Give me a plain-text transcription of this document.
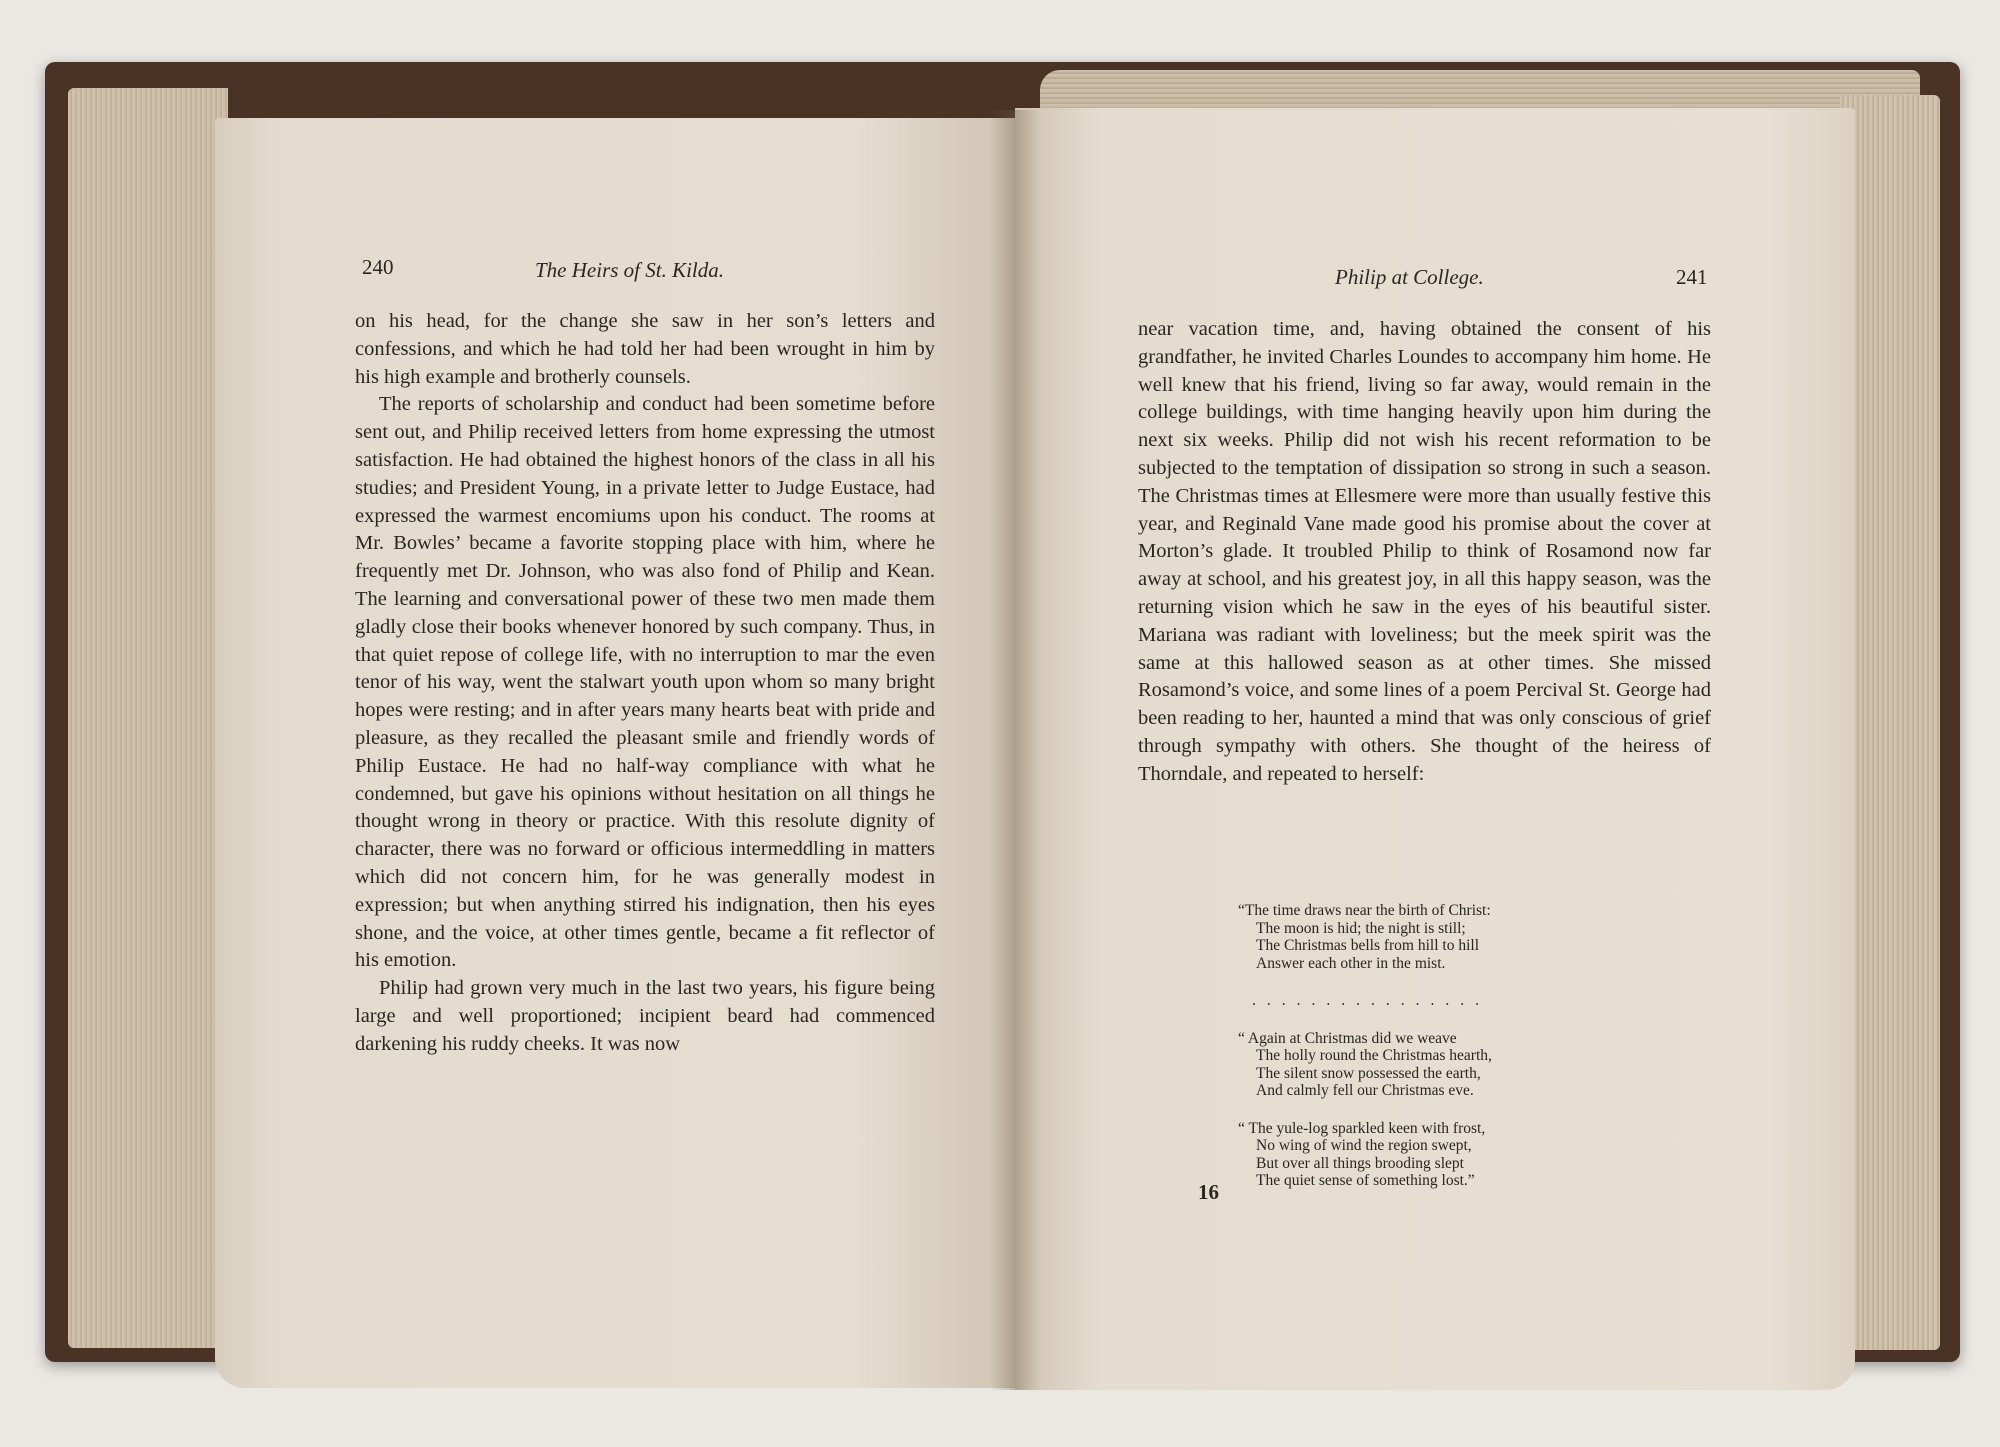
240	The Heirs of St. Kilda.

on his head, for the change she saw in her son’s letters and confessions, and which he had told her had been wrought in him by his high example and brotherly counsels.

The reports of scholarship and conduct had been sometime before sent out, and Philip received letters from home expressing the utmost satisfaction. He had obtained the highest honors of the class in all his studies; and President Young, in a private letter to Judge Eustace, had expressed the warmest encomiums upon his conduct. The rooms at Mr. Bowles’ became a favorite stopping place with him, where he frequently met Dr. Johnson, who was also fond of Philip and Kean. The learning and conversational power of these two men made them gladly close their books whenever honored by such company. Thus, in that quiet repose of college life, with no interruption to mar the even tenor of his way, went the stalwart youth upon whom so many bright hopes were resting; and in after years many hearts beat with pride and pleasure, as they recalled the pleasant smile and friendly words of Philip Eustace. He had no half-way compliance with what he condemned, but gave his opinions without hesitation on all things he thought wrong in theory or practice. With this resolute dignity of character, there was no forward or officious intermeddling in matters which did not concern him, for he was generally modest in expression; but when anything stirred his indignation, then his eyes shone, and the voice, at other times gentle, became a fit reflector of his emotion.

Philip had grown very much in the last two years, his figure being large and well proportioned; incipient beard had commenced darkening his ruddy cheeks. It was now

Philip at College.	241

near vacation time, and, having obtained the consent of his grandfather, he invited Charles Loundes to accompany him home. He well knew that his friend, living so far away, would remain in the college buildings, with time hanging heavily upon him during the next six weeks. Philip did not wish his recent reformation to be subjected to the temptation of dissipation so strong in such a season. The Christmas times at Ellesmere were more than usually festive this year, and Reginald Vane made good his promise about the cover at Morton’s glade. It troubled Philip to think of Rosamond now far away at school, and his greatest joy, in all this happy season, was the returning vision which he saw in the eyes of his beautiful sister. Mariana was radiant with loveliness; but the meek spirit was the same at this hallowed season as at other times. She missed Rosamond’s voice, and some lines of a poem Percival St. George had been reading to her, haunted a mind that was only conscious of grief through sympathy with others. She thought of the heiress of Thorndale, and repeated to herself:

“The time draws near the birth of Christ:
The moon is hid; the night is still;
The Christmas bells from hill to hill
Answer each other in the mist.
................
“ Again at Christmas did we weave
The holly round the Christmas hearth,
The silent snow possessed the earth,
And calmly fell our Christmas eve.
“ The yule-log sparkled keen with frost,
No wing of wind the region swept,
But over all things brooding slept
The quiet sense of something lost.”
16
